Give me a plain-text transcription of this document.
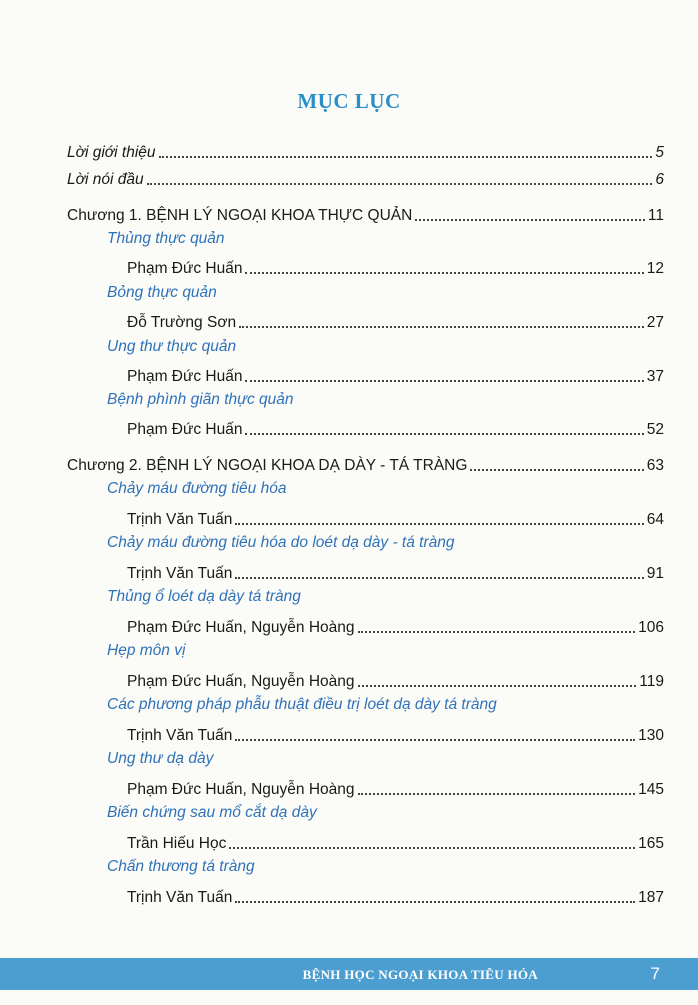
MỤC LỤC
Lời giới thiệu	5
Lời nói đầu	6
Chương 1. BỆNH LÝ NGOẠI KHOA THỰC QUẢN	11
Thủng thực quản
Phạm Đức Huấn	12
Bỏng thực quản
Đỗ Trường Sơn	27
Ung thư thực quản
Phạm Đức Huấn	37
Bệnh phình giãn thực quản
Phạm Đức Huấn	52
Chương 2. BỆNH LÝ NGOẠI KHOA DẠ DÀY - TÁ TRÀNG	63
Chảy máu đường tiêu hóa
Trịnh Văn Tuấn	64
Chảy máu đường tiêu hóa do loét dạ dày - tá tràng
Trịnh Văn Tuấn	91
Thủng ổ loét dạ dày tá tràng
Phạm Đức Huấn, Nguyễn Hoàng	106
Hẹp môn vị
Phạm Đức Huấn, Nguyễn Hoàng	119
Các phương pháp phẫu thuật điều trị loét dạ dày tá tràng
Trịnh Văn Tuấn	130
Ung thư dạ dày
Phạm Đức Huấn, Nguyễn Hoàng	145
Biến chứng sau mổ cắt dạ dày
Trần Hiếu Học	165
Chấn thương tá tràng
Trịnh Văn Tuấn	187
BỆNH HỌC NGOẠI KHOA TIÊU HÓA	7
